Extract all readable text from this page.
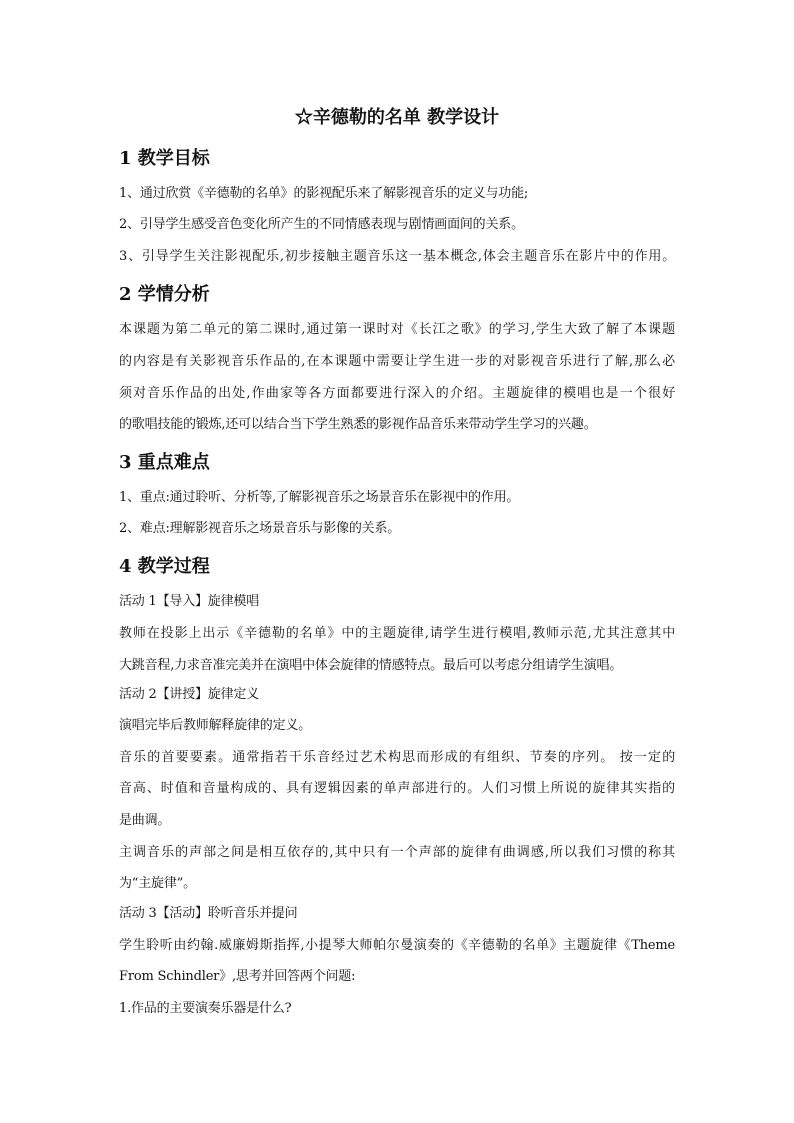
☆辛德勒的名单 教学设计
1 教学目标
1、通过欣赏《辛德勒的名单》的影视配乐来了解影视音乐的定义与功能;
2、引导学生感受音色变化所产生的不同情感表现与剧情画面间的关系。
3、引导学生关注影视配乐,初步接触主题音乐这一基本概念,体会主题音乐在影片中的作用。
2 学情分析
本课题为第二单元的第二课时,通过第一课时对《长江之歌》的学习,学生大致了解了本课题
的内容是有关影视音乐作品的,在本课题中需要让学生进一步的对影视音乐进行了解,那么必
须对音乐作品的出处,作曲家等各方面都要进行深入的介绍。主题旋律的模唱也是一个很好
的歌唱技能的锻炼,还可以结合当下学生熟悉的影视作品音乐来带动学生学习的兴趣。
3 重点难点
1、重点:通过聆听、分析等,了解影视音乐之场景音乐在影视中的作用。
2、难点:理解影视音乐之场景音乐与影像的关系。
4 教学过程
活动 1【导入】旋律模唱
教师在投影上出示《辛德勒的名单》中的主题旋律,请学生进行模唱,教师示范,尤其注意其中
大跳音程,力求音准完美并在演唱中体会旋律的情感特点。最后可以考虑分组请学生演唱。
活动 2【讲授】旋律定义
演唱完毕后教师解释旋律的定义。
音乐的首要要素。通常指若干乐音经过艺术构思而形成的有组织、节奏的序列。 按一定的
音高、时值和音量构成的、具有逻辑因素的单声部进行的。人们习惯上所说的旋律其实指的
是曲调。
主调音乐的声部之间是相互依存的,其中只有一个声部的旋律有曲调感,所以我们习惯的称其
为“主旋律”。
活动 3【活动】聆听音乐并提问
学生聆听由约翰.威廉姆斯指挥,小提琴大师帕尔曼演奏的《辛德勒的名单》主题旋律《Theme
From Schindler》,思考并回答两个问题:
1.作品的主要演奏乐器是什么?
